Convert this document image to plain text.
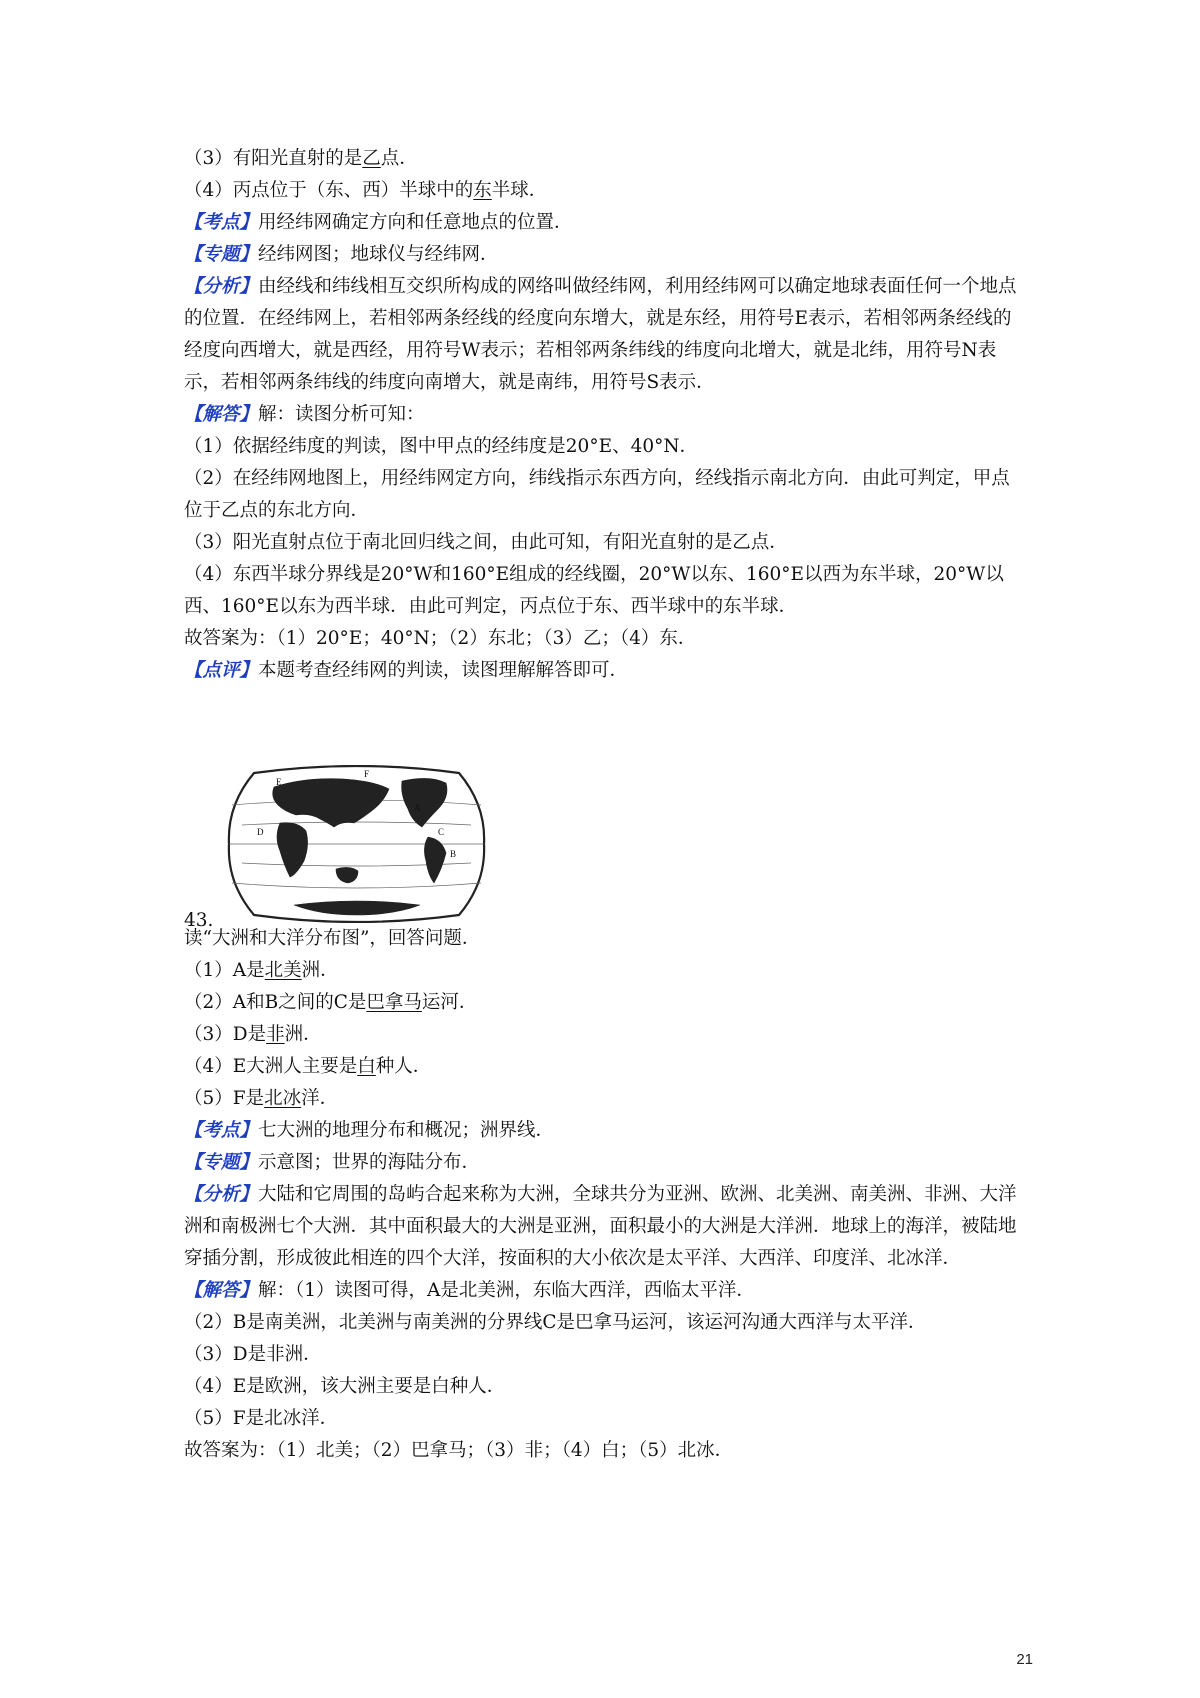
（3）有阳光直射的是乙点．
（4）丙点位于（东、西）半球中的东半球．
【考点】用经纬网确定方向和任意地点的位置．
【专题】经纬网图；地球仪与经纬网．
【分析】由经线和纬线相互交织所构成的网络叫做经纬网，利用经纬网可以确定地球表面任何一个地点的位置．在经纬网上，若相邻两条经线的经度向东增大，就是东经，用符号E表示，若相邻两条经线的经度向西增大，就是西经，用符号W表示；若相邻两条纬线的纬度向北增大，就是北纬，用符号N表示，若相邻两条纬线的纬度向南增大，就是南纬，用符号S表示．
【解答】解：读图分析可知：
（1）依据经纬度的判读，图中甲点的经纬度是20°E、40°N．
（2）在经纬网地图上，用经纬网定方向，纬线指示东西方向，经线指示南北方向．由此可判定，甲点位于乙点的东北方向．
（3）阳光直射点位于南北回归线之间，由此可知，有阳光直射的是乙点．
（4）东西半球分界线是20°W和160°E组成的经线圈，20°W以东、160°E以西为东半球，20°W以西、160°E以东为西半球．由此可判定，丙点位于东、西半球中的东半球．
故答案为：（1）20°E；40°N；（2）东北；（3）乙；（4）东．
【点评】本题考查经纬网的判读，读图理解解答即可．
D
E
F
A
C
B
43.
读“大洲和大洋分布图”，回答问题．
（1）A是北美洲．
（2）A和B之间的C是巴拿马运河．
（3）D是非洲．
（4）E大洲人主要是白种人．
（5）F是北冰洋．
【考点】七大洲的地理分布和概况；洲界线．
【专题】示意图；世界的海陆分布．
【分析】大陆和它周围的岛屿合起来称为大洲，全球共分为亚洲、欧洲、北美洲、南美洲、非洲、大洋洲和南极洲七个大洲．其中面积最大的大洲是亚洲，面积最小的大洲是大洋洲．地球上的海洋，被陆地穿插分割，形成彼此相连的四个大洋，按面积的大小依次是太平洋、大西洋、印度洋、北冰洋．
【解答】解：（1）读图可得，A是北美洲，东临大西洋，西临太平洋．
（2）B是南美洲，北美洲与南美洲的分界线C是巴拿马运河，该运河沟通大西洋与太平洋．
（3）D是非洲．
（4）E是欧洲，该大洲主要是白种人．
（5）F是北冰洋．
故答案为：（1）北美；（2）巴拿马；（3）非；（4）白；（5）北冰．
21
